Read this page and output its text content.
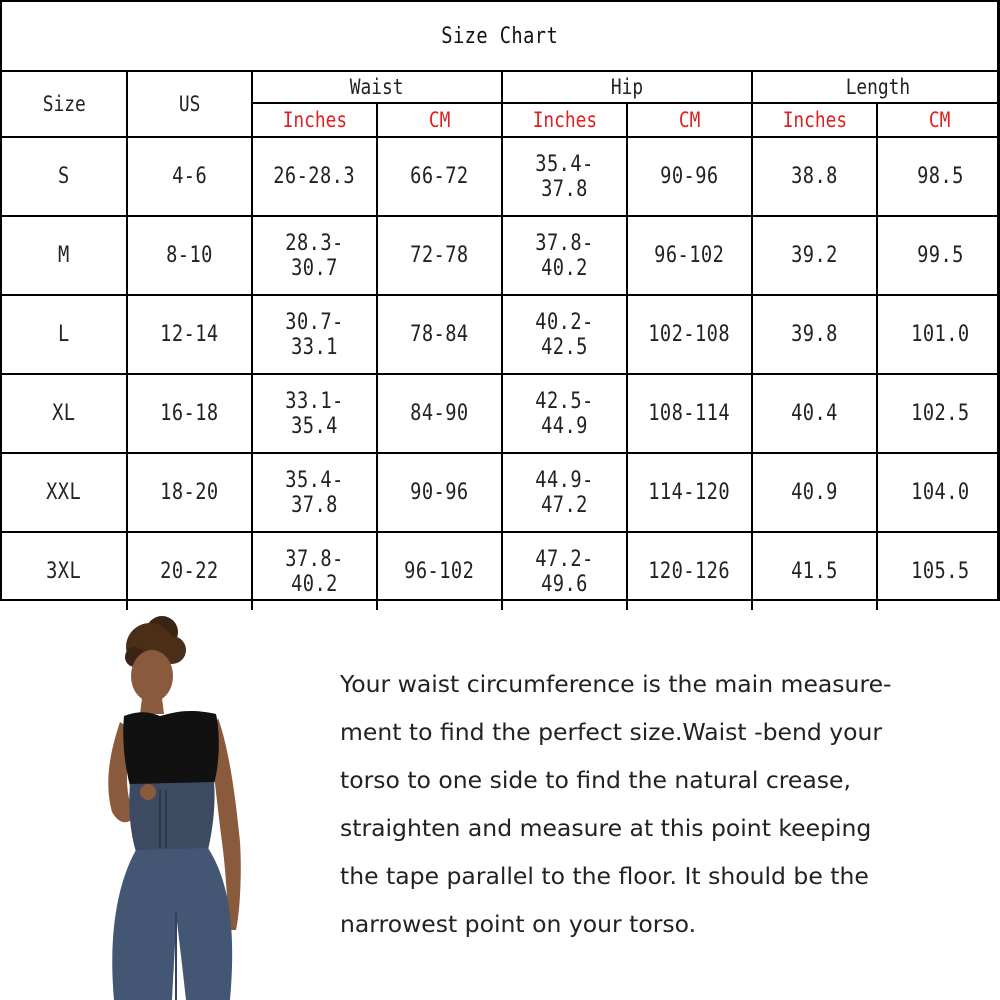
Size Chart
Size	US	Waist		Hip		Length	
		Inches	CM	Inches	CM	Inches	CM
S	4-6	26-28.3	66-72	35.4-37.8	90-96	38.8	98.5
M	8-10	28.3-30.7	72-78	37.8-40.2	96-102	39.2	99.5
L	12-14	30.7-33.1	78-84	40.2-42.5	102-108	39.8	101.0
XL	16-18	33.1-35.4	84-90	42.5-44.9	108-114	40.4	102.5
XXL	18-20	35.4-37.8	90-96	44.9-47.2	114-120	40.9	104.0
3XL	20-22	37.8-40.2	96-102	47.2-49.6	120-126	41.5	105.5
Your waist circumference is the main measure-
ment to find the perfect size.Waist -bend your
torso to one side to find the natural crease,
straighten and measure at this point keeping
the tape parallel to the floor. It should be the
narrowest point on your torso.
